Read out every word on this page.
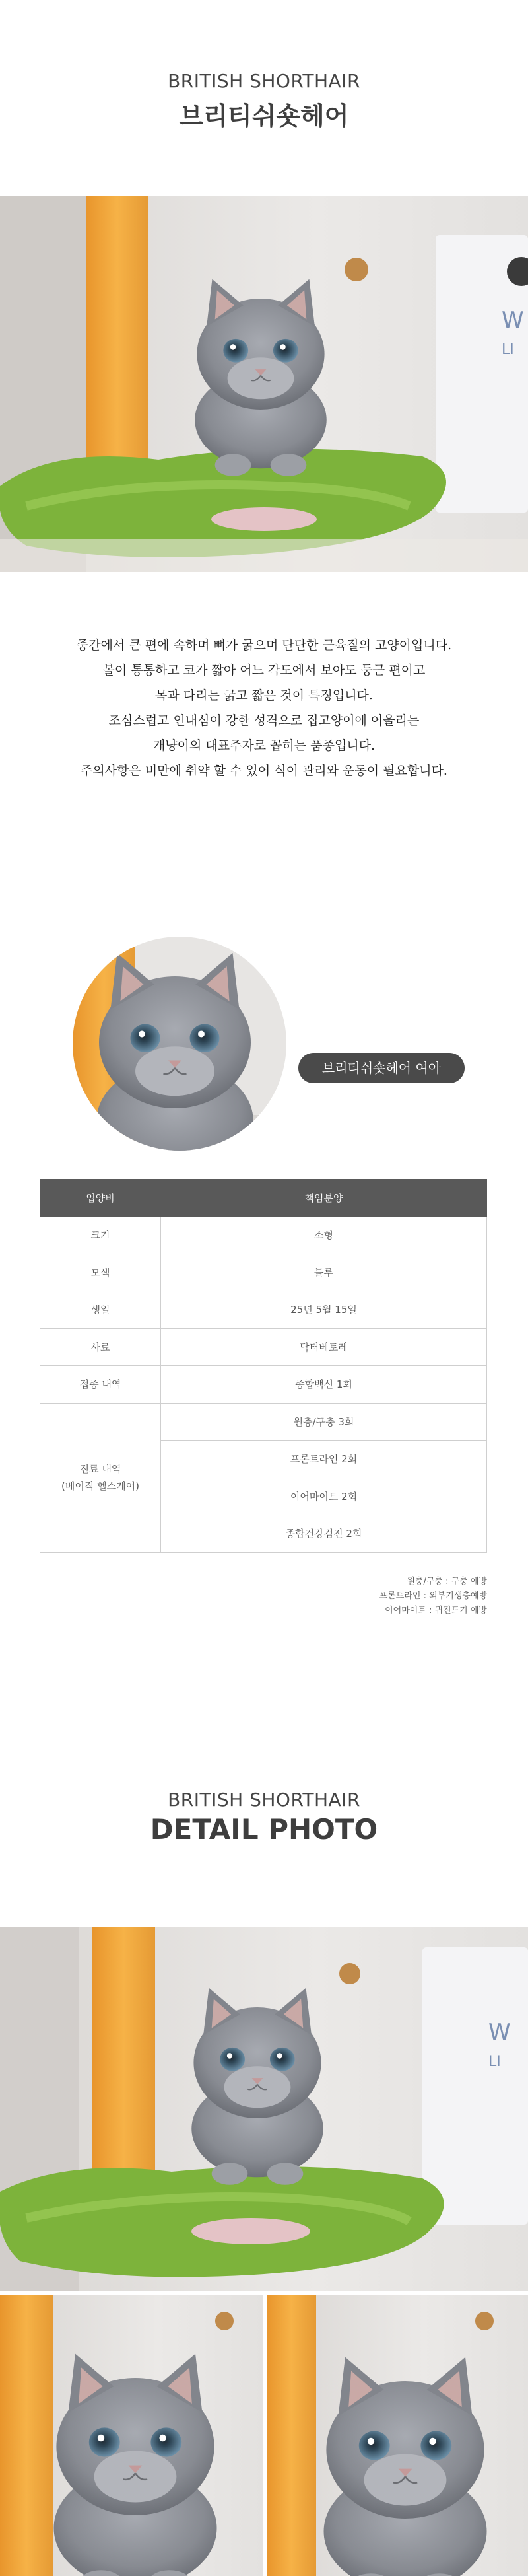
BRITISH SHORTHAIR
브리티쉬숏헤어
W
LI
중간에서 큰 편에 속하며 뼈가 굵으며 단단한 근육질의 고양이입니다.
볼이 통통하고 코가 짧아 어느 각도에서 보아도 둥근 편이고
목과 다리는 굵고 짧은 것이 특징입니다.
조심스럽고 인내심이 강한 성격으로 집고양이에 어울리는
개냥이의 대표주자로 꼽히는 품종입니다.
주의사항은 비만에 취약 할 수 있어 식이 관리와 운동이 필요합니다.
브리티쉬숏헤어 여아
입양비	책임분양
크기	소형
모색	블루
생일	25년 5월 15일
사료	닥터베토레
접종 내역	종합백신 1회

진료 내역
(베이직 헬스케어)	원충/구충 3회
	프론트라인 2회
	이어마이트 2회
	종합건강검진 2회
원충/구충 : 구충 예방
프론트라인 : 외부기생충예방
이어마이트 : 귀진드기 예방
BRITISH SHORTHAIR
DETAIL PHOTO
W
LI
